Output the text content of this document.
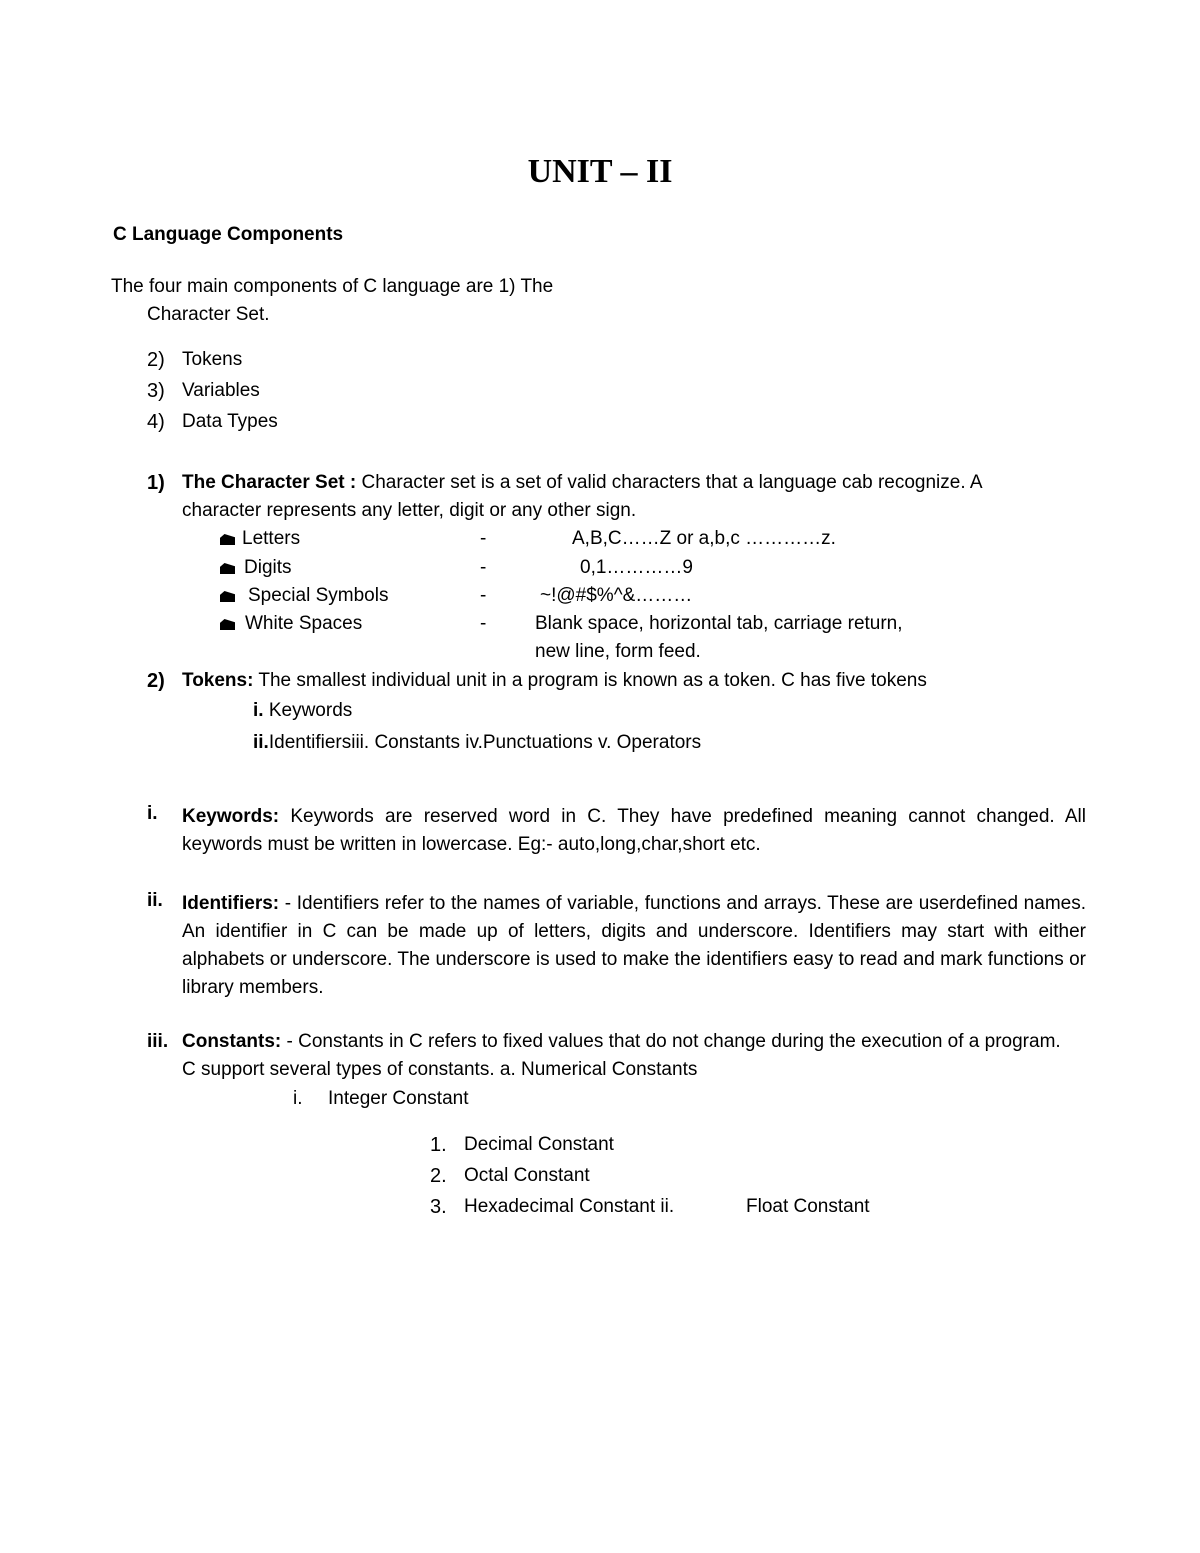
UNIT – II
C Language Components
The four main components of C language are 1) The
Character Set.
2) Tokens
3) Variables
4) Data Types
1) The Character Set : Character set is a set of valid characters that a language cab recognize. A
character represents any letter, digit or any other sign.
Letters	-	A,B,C……Z or a,b,c …………z.
Digits	-	0,1…………9
Special Symbols	-	~!@#$%^&………
White Spaces	-	Blank space, horizontal tab, carriage return,
new line, form feed.
2) Tokens: The smallest individual unit in a program is known as a token. C has five tokens
i. Keywords
ii.Identifiersiii. Constants iv.Punctuations v. Operators
i. Keywords: Keywords are reserved word in C. They have predefined meaning cannot changed. All keywords must be written in lowercase. Eg:- auto,long,char,short etc.
ii. Identifiers: - Identifiers refer to the names of variable, functions and arrays. These are userdefined names. An identifier in C can be made up of letters, digits and underscore. Identifiers may start with either alphabets or underscore. The underscore is used to make the identifiers easy to read and mark functions or library members.
iii. Constants: - Constants in C refers to fixed values that do not change during the execution of a program.
C support several types of constants. a. Numerical Constants
i. Integer Constant
1. Decimal Constant
2. Octal Constant
3. Hexadecimal Constant ii.	Float Constant
